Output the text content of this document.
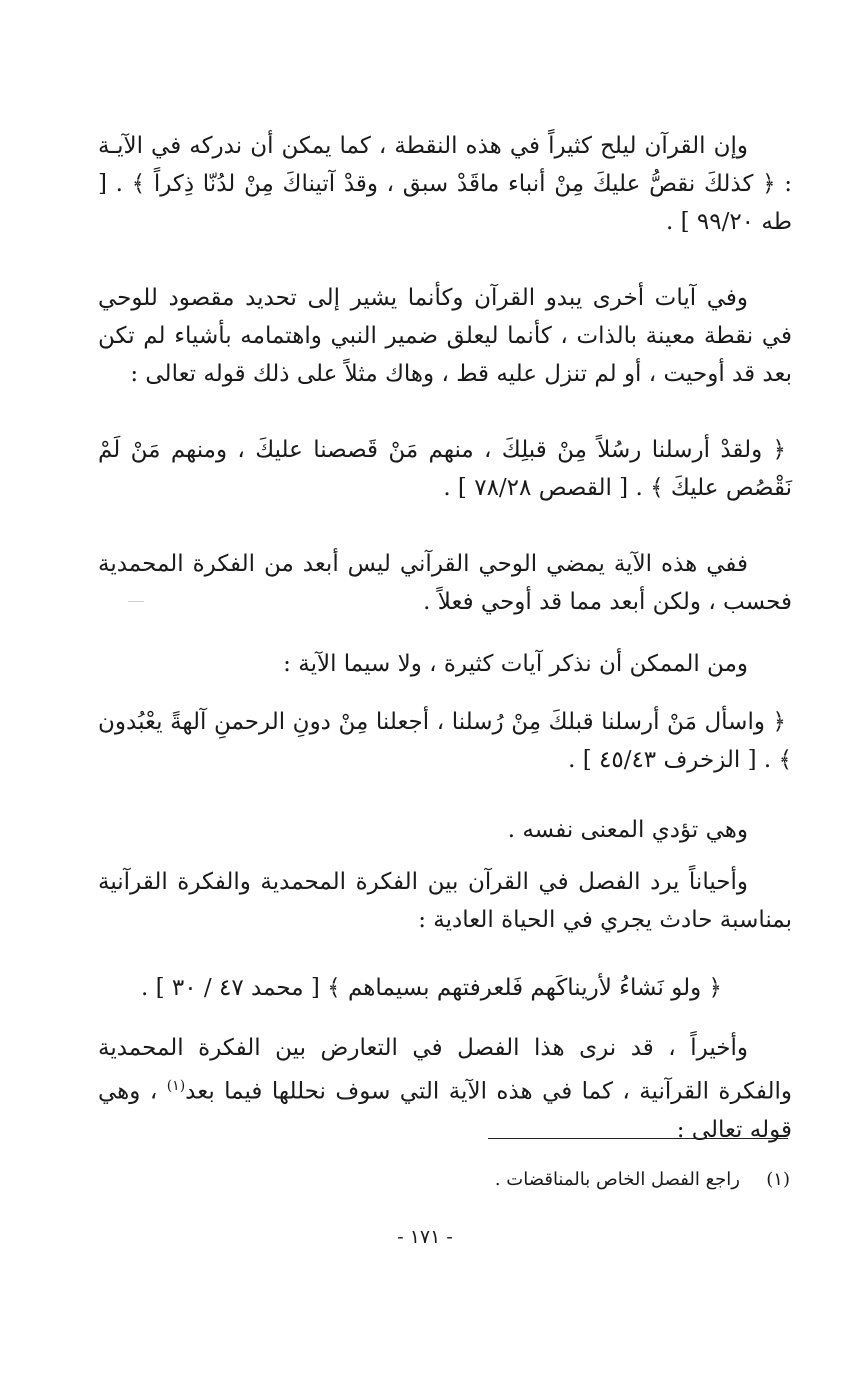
وإن القرآن ليلح كثيراً في هذه النقطة ، كما يمكن أن ندركه في الآيـة : ﴿ كذلكَ نقصُّ عليكَ مِنْ أنباء ماقَدْ سبق ، وقدْ آتيناكَ مِنْ لدُنّا ذِكراً ﴾ . [ طه ٩٩/٢٠ ] .

وفي آيات أخرى يبدو القرآن وكأنما يشير إلى تحديد مقصود للوحي في نقطة معينة بالذات ، كأنما ليعلق ضمير النبي واهتمامه بأشياء لم تكن بعد قد أوحيت ، أو لم تنزل عليه قط ، وهاك مثلاً على ذلك قوله تعالى :

﴿ ولقدْ أرسلنا رسُلاً مِنْ قبلِكَ ، منهم مَنْ قَصصنا عليكَ ، ومنهم مَنْ لَمْ نَقْصُص عليكَ ﴾ . [ القصص ٧٨/٢٨ ] .

ففي هذه الآية يمضي الوحي القرآني ليس أبعد من الفكرة المحمدية فحسب ، ولكن أبعد مما قد أوحي فعلاً .

ومن الممكن أن نذكر آيات كثيرة ، ولا سيما الآية :

﴿ واسأل مَنْ أرسلنا قبلكَ مِنْ رُسلنا ، أجعلنا مِنْ دونِ الرحمنِ آلهةً يعْبُدون ﴾ . [ الزخرف ٤٥/٤٣ ] .

وهي تؤدي المعنى نفسه .

وأحياناً يرد الفصل في القرآن بين الفكرة المحمدية والفكرة القرآنية بمناسبة حادث يجري في الحياة العادية :

﴿ ولو نَشاءُ لأريناكَهم فَلعرفتهم بسيماهم ﴾ [ محمد ٤٧ / ٣٠ ] .

وأخيراً ، قد نرى هذا الفصل في التعارض بين الفكرة المحمدية والفكرة القرآنية ، كما في هذه الآية التي سوف نحللها فيما بعد$^{(١)}$ ، وهي قوله تعالى :

(١)راجع الفصل الخاص بالمناقضات .

- ١٧١ -
